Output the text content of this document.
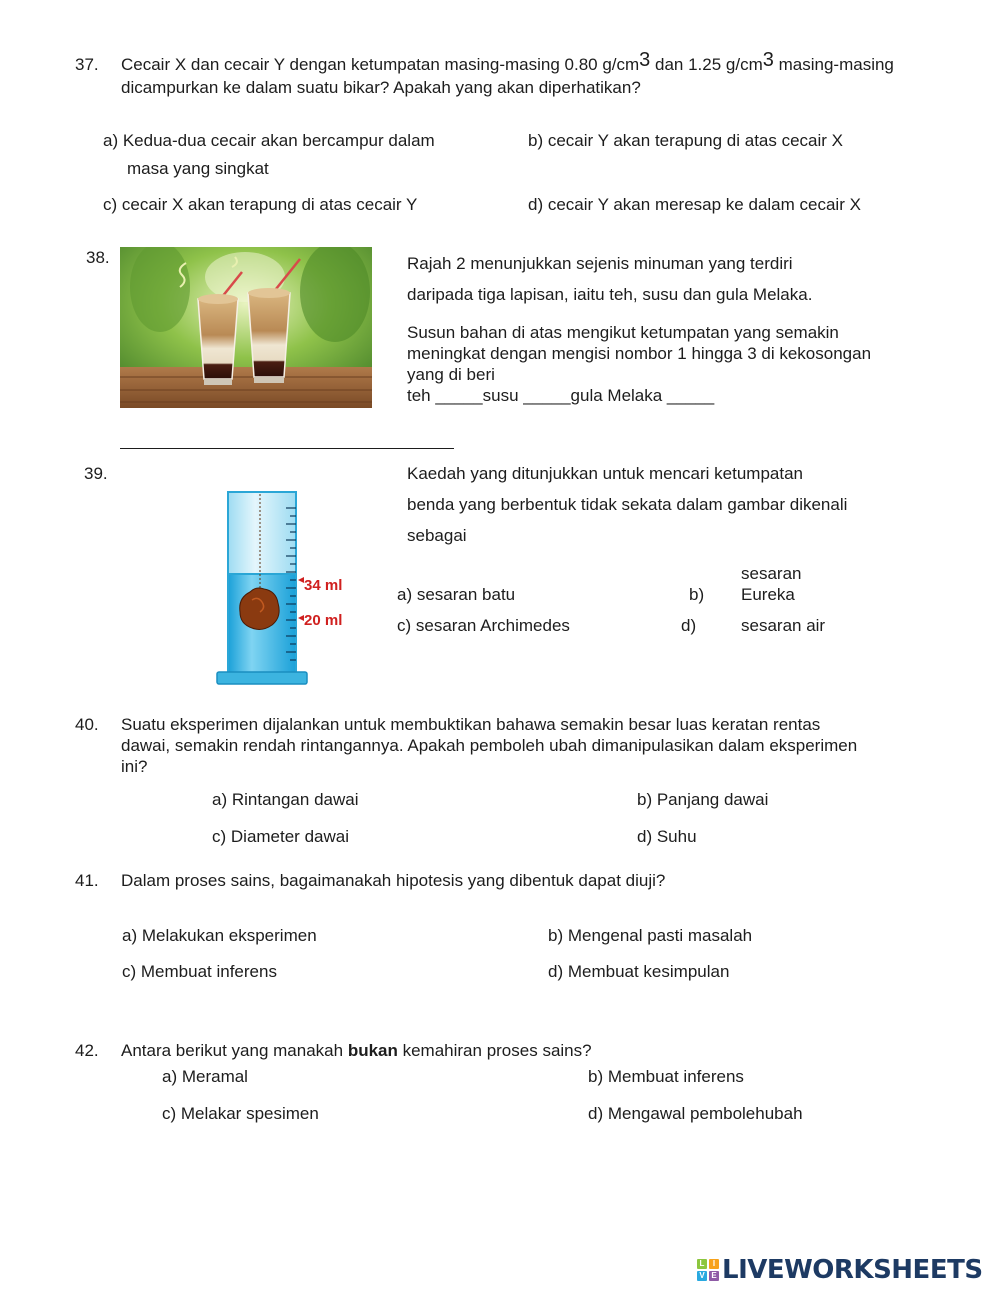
37. Cecair X dan cecair Y dengan ketumpatan masing-masing 0.80 $g/cm^3$ dan 1.25 $g/cm^3$ masing-masing
dicampurkan ke dalam suatu bikar? Apakah yang akan diperhatikan?
a) Kedua-dua cecair akan bercampur dalam
masa yang singkat
b) cecair Y akan terapung di atas cecair X
c) cecair X akan terapung di atas cecair Y	d) cecair Y akan meresap ke dalam cecair X
38.	Rajah 2 menunjukkan sejenis minuman yang terdiri
daripada tiga lapisan, iaitu teh, susu dan gula Melaka.
Susun bahan di atas mengikut ketumpatan yang semakin
meningkat dengan mengisi nombor 1 hingga 3 di kekosongan
yang di beri
teh _____susu _____gula Melaka _____
39.
34 ml
20 ml
Kaedah yang ditunjukkan untuk mencari ketumpatan
benda yang berbentuk tidak sekata dalam gambar dikenali
sebagai
a) sesaran batu	b)
sesaran
Eureka
c) sesaran Archimedes	d)	sesaran air
40. Suatu eksperimen dijalankan untuk membuktikan bahawa semakin besar luas keratan rentas
dawai, semakin rendah rintangannya. Apakah pemboleh ubah dimanipulasikan dalam eksperimen
ini?
a) Rintangan dawai	b) Panjang dawai
c) Diameter dawai	d) Suhu
41. Dalam proses sains, bagaimanakah hipotesis yang dibentuk dapat diuji?
a) Melakukan eksperimen	b) Mengenal pasti masalah
c) Membuat inferens	d) Membuat kesimpulan
42. Antara berikut yang manakah bukan kemahiran proses sains?
a) Meramal	b) Membuat inferens
c) Melakar spesimen	d) Mengawal pembolehubah
L	I
V E LIVEWORKSHEETS
